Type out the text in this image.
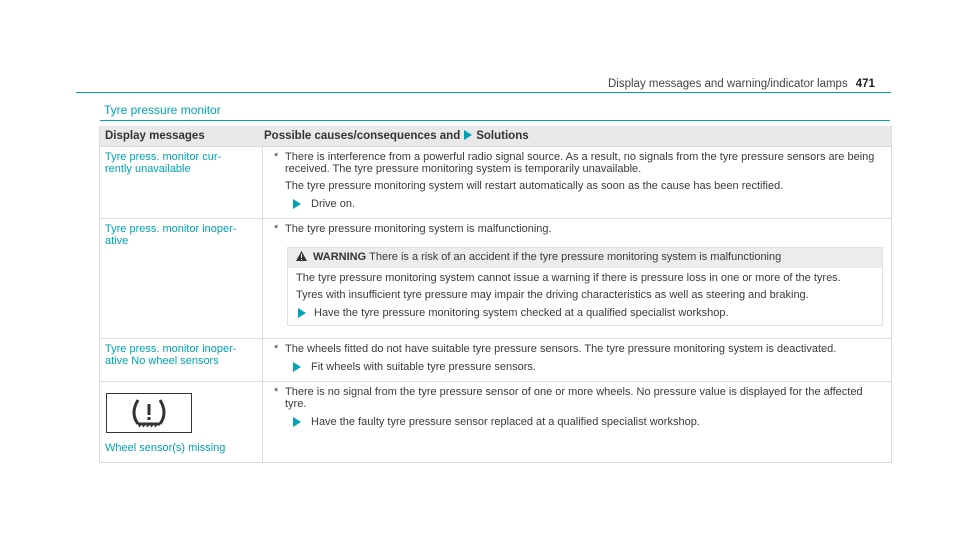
Display messages and warning/indicator lamps 471
Tyre pressure monitor
Display messages	Possible causes/consequences and Solutions
Tyre press. monitor cur-
rently unavailable
* There is interference from a powerful radio signal source. As a result, no signals from the tyre pressure sensors are being received. The tyre pressure monitoring system is temporarily unavailable.
The tyre pressure monitoring system will restart automatically as soon as the cause has been rectified.
Drive on.
Tyre press. monitor inoper-
ative
* The tyre pressure monitoring system is malfunctioning.
WARNING There is a risk of an accident if the tyre pressure monitoring system is malfunctioning
The tyre pressure monitoring system cannot issue a warning if there is pressure loss in one or more of the tyres.
Tyres with insufficient tyre pressure may impair the driving characteristics as well as steering and braking.
Have the tyre pressure monitoring system checked at a qualified specialist workshop.
Tyre press. monitor inoper-
ative No wheel sensors
* The wheels fitted do not have suitable tyre pressure sensors. The tyre pressure monitoring system is deactivated.
Fit wheels with suitable tyre pressure sensors.
Wheel sensor(s) missing
* There is no signal from the tyre pressure sensor of one or more wheels. No pressure value is displayed for the affected tyre.
Have the faulty tyre pressure sensor replaced at a qualified specialist workshop.
